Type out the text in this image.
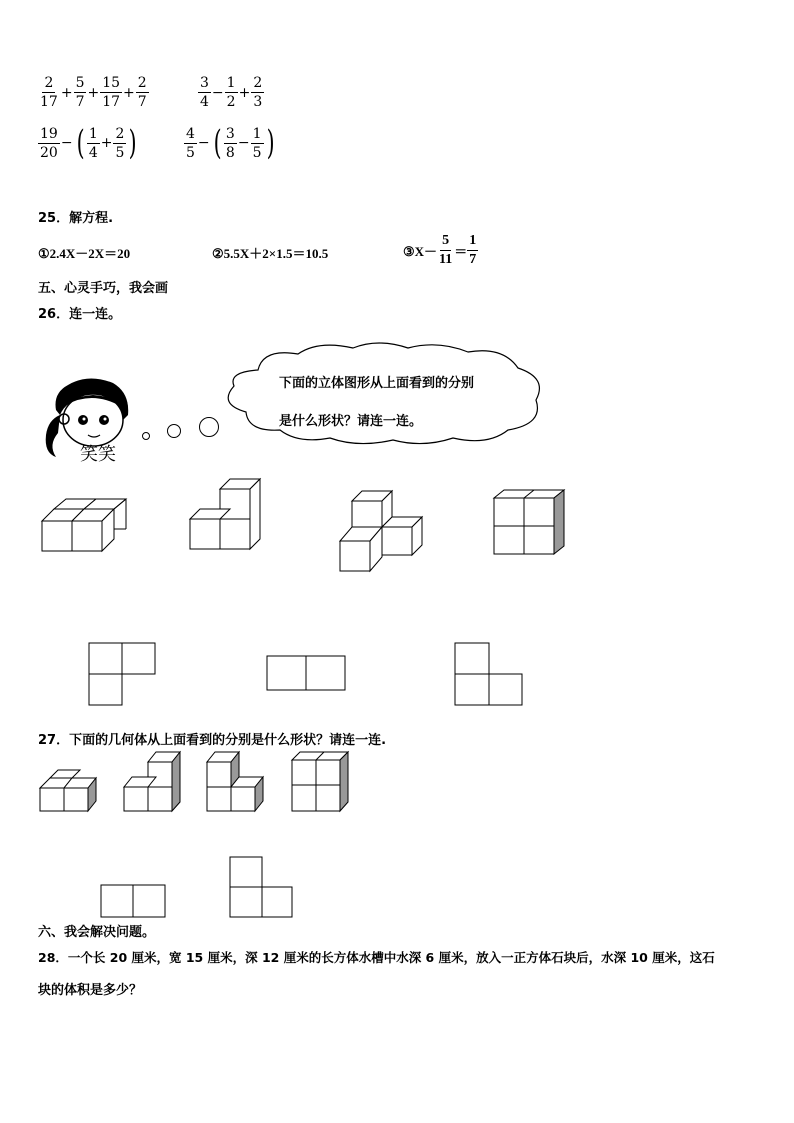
$\frac{2}{17} + \frac{5}{7} + \frac{15}{17} + \frac{2}{7}$	$\frac{3}{4} - \frac{1}{2} + \frac{2}{3}$
$\frac{19}{20}$ − ( $\frac{1}{4} + \frac{2}{5}$ )	$\frac{4}{5}$ − ( $\frac{3}{8} - \frac{1}{5}$ )
25．解方程.
①2.4X－2X＝20	②5.5X＋2×1.5＝10.5	③X－ $\frac{5}{11} = \frac{1}{7}$
五、心灵手巧，我会画
26．连一连。
笑笑
下面的立体图形从上面看到的分别
是什么形状？请连一连。
27．下面的几何体从上面看到的分别是什么形状？请连一连.
六、我会解决问题。
28．一个长 20 厘米，宽 15 厘米，深 12 厘米的长方体水槽中水深 6 厘米，放入一正方体石块后，水深 10 厘米，这石
块的体积是多少？
